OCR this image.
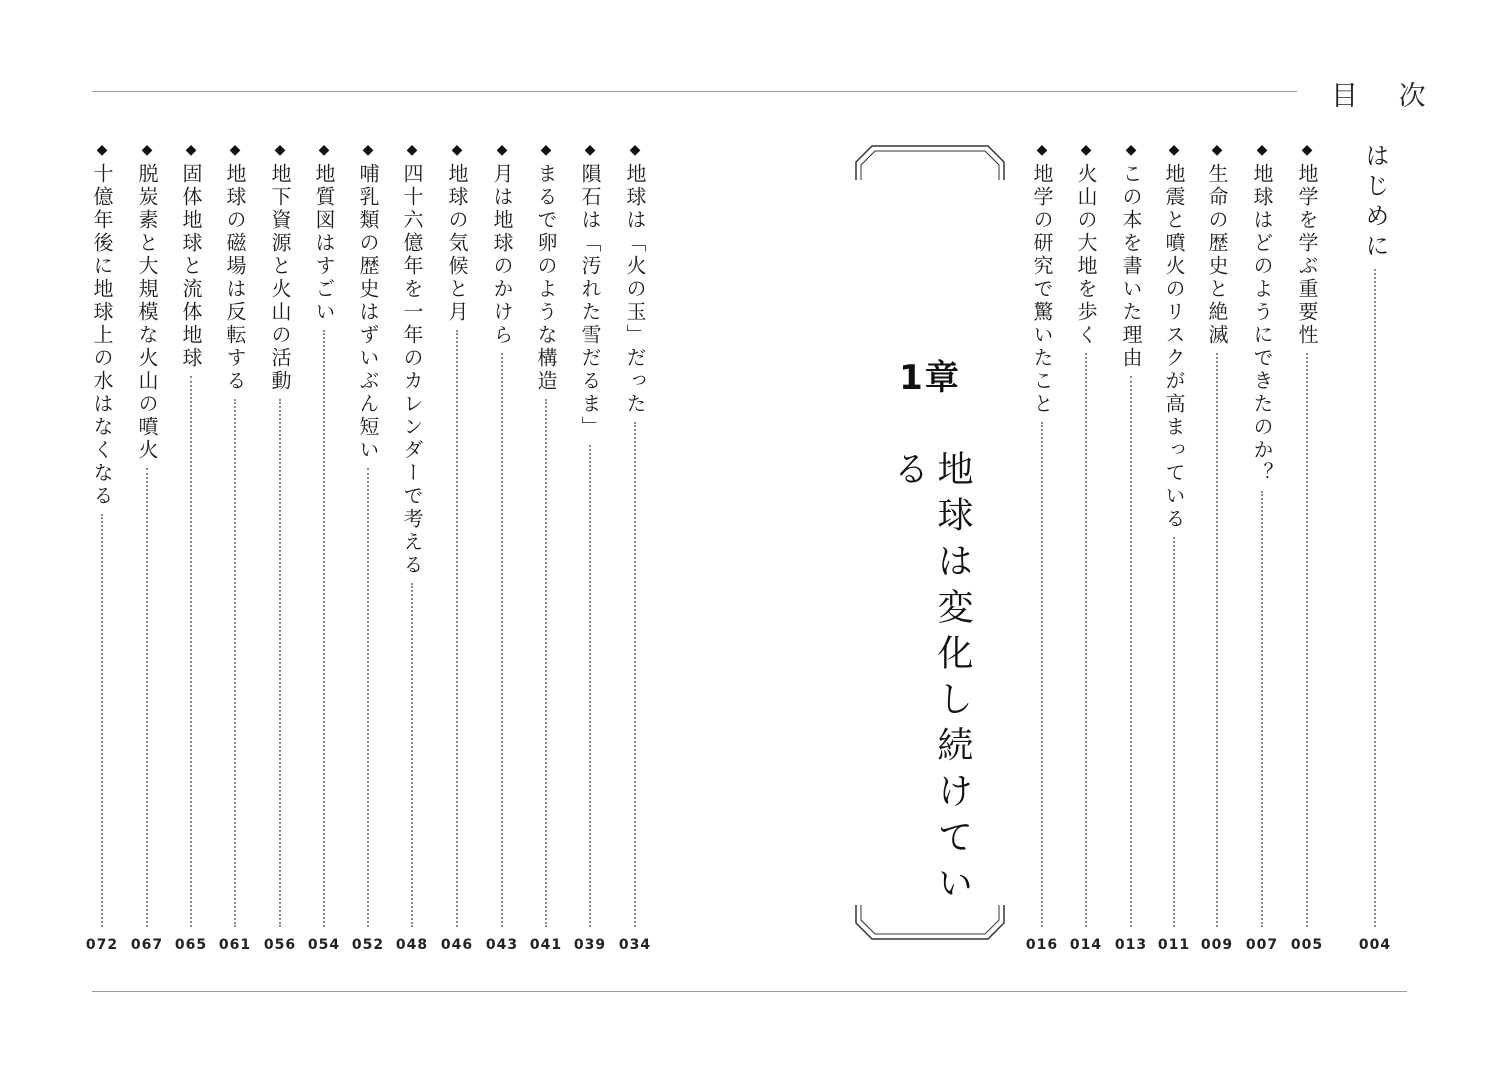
目 次
はじめに
004
◆
地学を学ぶ重要性
005
◆
地球はどのようにできたのか？
007
◆
生命の歴史と絶滅
009
◆
地震と噴火のリスクが高まっている
011
◆
この本を書いた理由
013
◆
火山の大地を歩く
014
◆
地学の研究で驚いたこと
016
1章
地球は変化し続けている
◆
地球は「火の玉」だった
034
◆
隕石は「汚れた雪だるま」
039
◆
まるで卵のような構造
041
◆
月は地球のかけら
043
◆
地球の気候と月
046
◆
四十六億年を一年のカレンダーで考える
048
◆
哺乳類の歴史はずいぶん短い
052
◆
地質図はすごい
054
◆
地下資源と火山の活動
056
◆
地球の磁場は反転する
061
◆
固体地球と流体地球
065
◆
脱炭素と大規模な火山の噴火
067
◆
十億年後に地球上の水はなくなる
072
